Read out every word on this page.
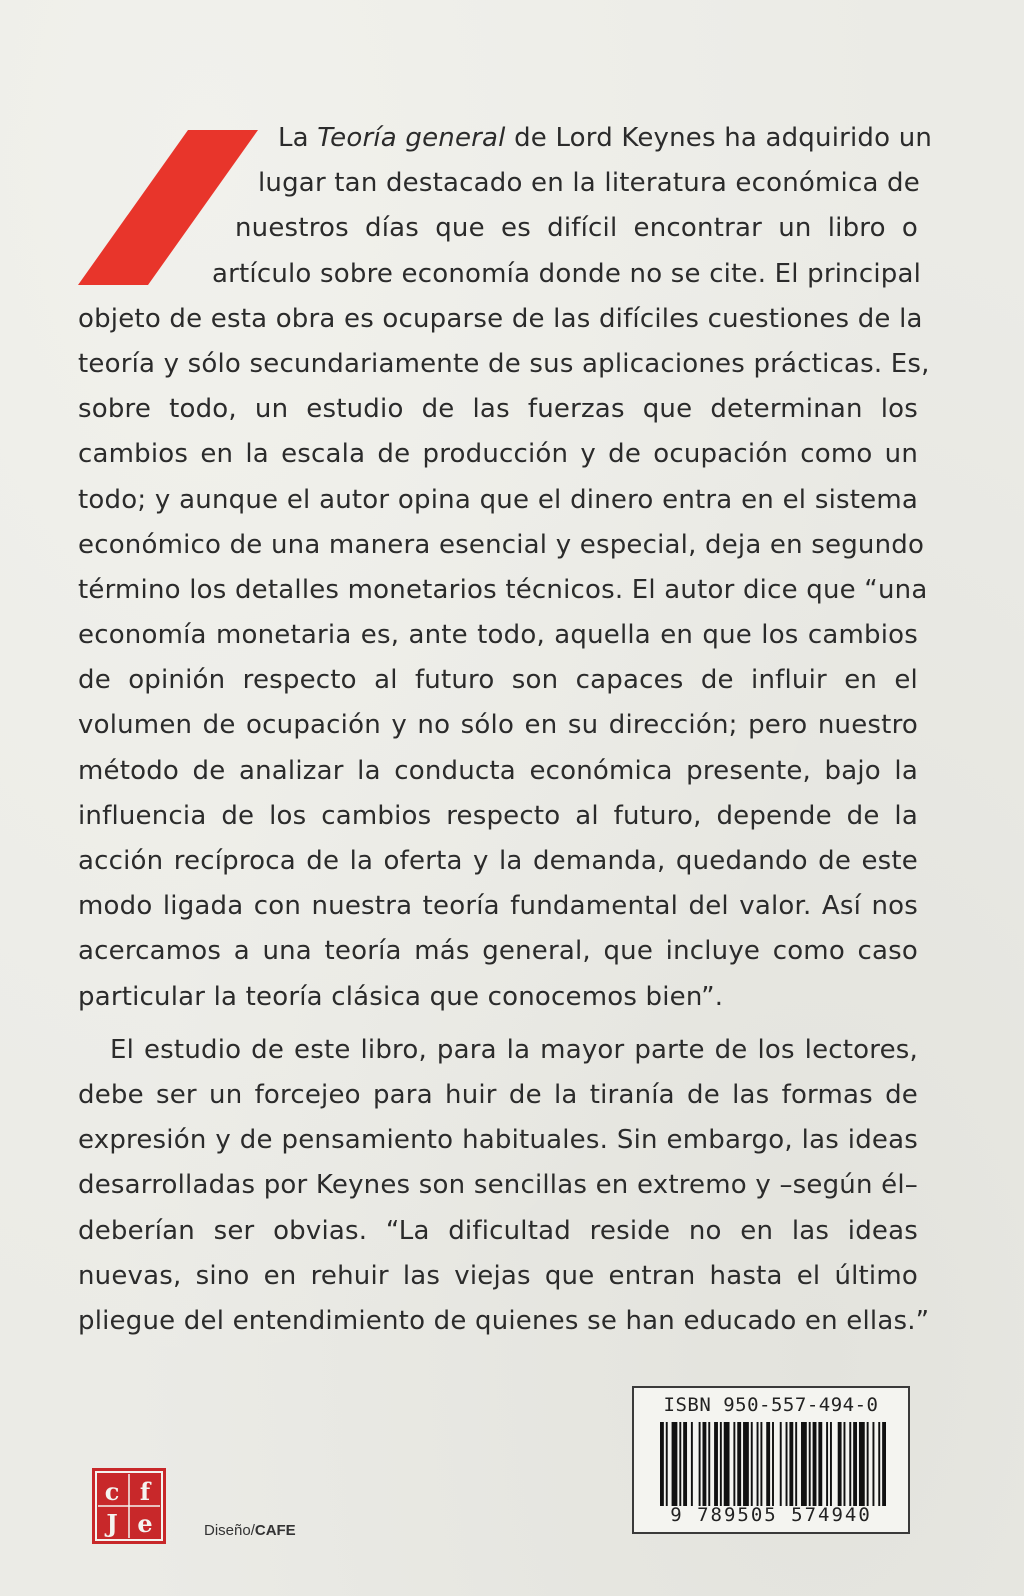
La Teoría general de Lord Keynes ha adquirido un
lugar tan destacado en la literatura económica de
nuestros días que es difícil encontrar un libro o
artículo sobre economía donde no se cite. El principal
objeto de esta obra es ocuparse de las difíciles cuestiones de la
teoría y sólo secundariamente de sus aplicaciones prácticas. Es,
sobre todo, un estudio de las fuerzas que determinan los
cambios en la escala de producción y de ocupación como un
todo; y aunque el autor opina que el dinero entra en el sistema
económico de una manera esencial y especial, deja en segundo
término los detalles monetarios técnicos. El autor dice que “una
economía monetaria es, ante todo, aquella en que los cambios
de opinión respecto al futuro son capaces de influir en el
volumen de ocupación y no sólo en su dirección; pero nuestro
método de analizar la conducta económica presente, bajo la
influencia de los cambios respecto al futuro, depende de la
acción recíproca de la oferta y la demanda, quedando de este
modo ligada con nuestra teoría fundamental del valor. Así nos
acercamos a una teoría más general, que incluye como caso
particular la teoría clásica que conocemos bien”.
El estudio de este libro, para la mayor parte de los lectores,
debe ser un forcejeo para huir de la tiranía de las formas de
expresión y de pensamiento habituales. Sin embargo, las ideas
desarrolladas por Keynes son sencillas en extremo y –según él–
deberían ser obvias. “La dificultad reside no en las ideas
nuevas, sino en rehuir las viejas que entran hasta el último
pliegue del entendimiento de quienes se han educado en ellas.”
ISBN 950-557-494-0
9 789505 574940
c f
J e	Diseño/CAFE
